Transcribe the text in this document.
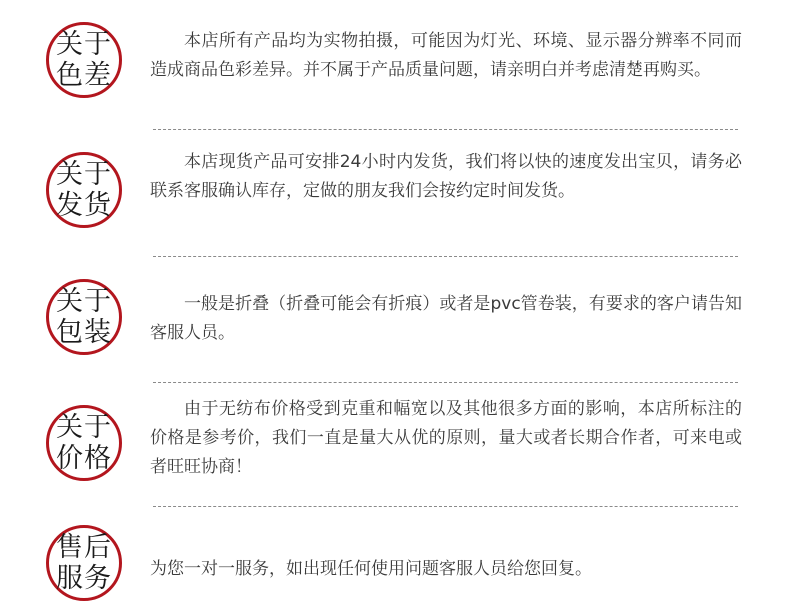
关于
色差

本店所有产品均为实物拍摄，可能因为灯光、环境、显示器分辨率不同而造成商品色彩差异。并不属于产品质量问题，请亲明白并考虑清楚再购买。

关于
发货

本店现货产品可安排24小时内发货，我们将以快的速度发出宝贝，请务必联系客服确认库存，定做的朋友我们会按约定时间发货。

关于
包装

一般是折叠（折叠可能会有折痕）或者是pvc管卷装，有要求的客户请告知客服人员。

关于
价格

由于无纺布价格受到克重和幅宽以及其他很多方面的影响，本店所标注的价格是参考价，我们一直是量大从优的原则，量大或者长期合作者，可来电或者旺旺协商！

售后
服务 为您一对一服务，如出现任何使用问题客服人员给您回复。
